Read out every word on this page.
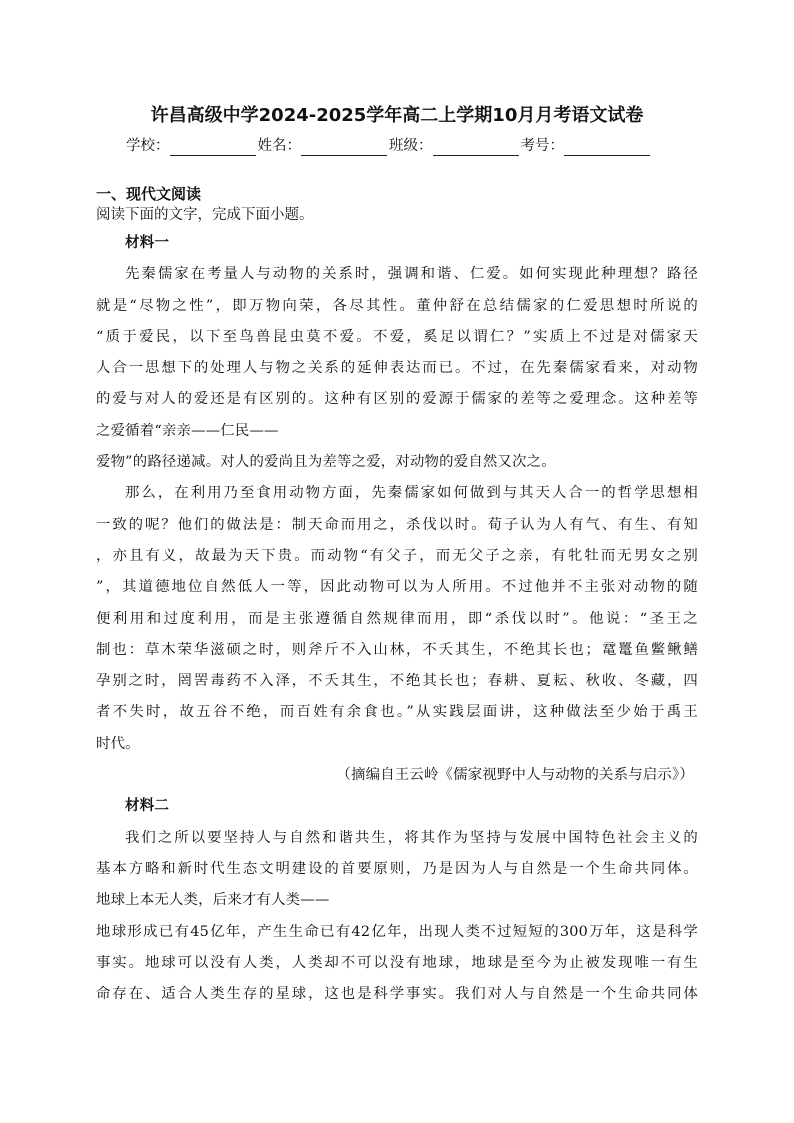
许昌高级中学2024-2025学年高二上学期10月月考语文试卷
学校：	姓名：	班级：	考号：
一、现代文阅读
阅读下面的文字，完成下面小题。
材料一
先秦儒家在考量人与动物的关系时，强调和谐、仁爱。如何实现此种理想？路径
就是“尽物之性”，即万物向荣，各尽其性。董仲舒在总结儒家的仁爱思想时所说的
“质于爱民，以下至鸟兽昆虫莫不爱。不爱，奚足以谓仁？”实质上不过是对儒家天
人合一思想下的处理人与物之关系的延伸表达而已。不过，在先秦儒家看来，对动物
的爱与对人的爱还是有区别的。这种有区别的爱源于儒家的差等之爱理念。这种差等
之爱循着“亲亲——仁民——
爱物”的路径递减。对人的爱尚且为差等之爱，对动物的爱自然又次之。
那么，在利用乃至食用动物方面，先秦儒家如何做到与其天人合一的哲学思想相
一致的呢？他们的做法是：制天命而用之，杀伐以时。荀子认为人有气、有生、有知
，亦且有义，故最为天下贵。而动物“有父子，而无父子之亲，有牝牡而无男女之别
”，其道德地位自然低人一等，因此动物可以为人所用。不过他并不主张对动物的随
便利用和过度利用，而是主张遵循自然规律而用，即“杀伐以时”。他说：“圣王之
制也：草木荣华滋硕之时，则斧斤不入山林，不夭其生，不绝其长也；鼋鼍鱼鳖鳅鳝
孕别之时，罔罟毒药不入泽，不夭其生，不绝其长也；春耕、夏耘、秋收、冬藏，四
者不失时，故五谷不绝，而百姓有余食也。”从实践层面讲，这种做法至少始于禹王
时代。
（摘编自王云岭《儒家视野中人与动物的关系与启示》）
材料二
我们之所以要坚持人与自然和谐共生，将其作为坚持与发展中国特色社会主义的
基本方略和新时代生态文明建设的首要原则，乃是因为人与自然是一个生命共同体。
地球上本无人类，后来才有人类——
地球形成已有45亿年，产生生命已有42亿年，出现人类不过短短的300万年，这是科学
事实。地球可以没有人类，人类却不可以没有地球，地球是至今为止被发现唯一有生
命存在、适合人类生存的星球，这也是科学事实。我们对人与自然是一个生命共同体
